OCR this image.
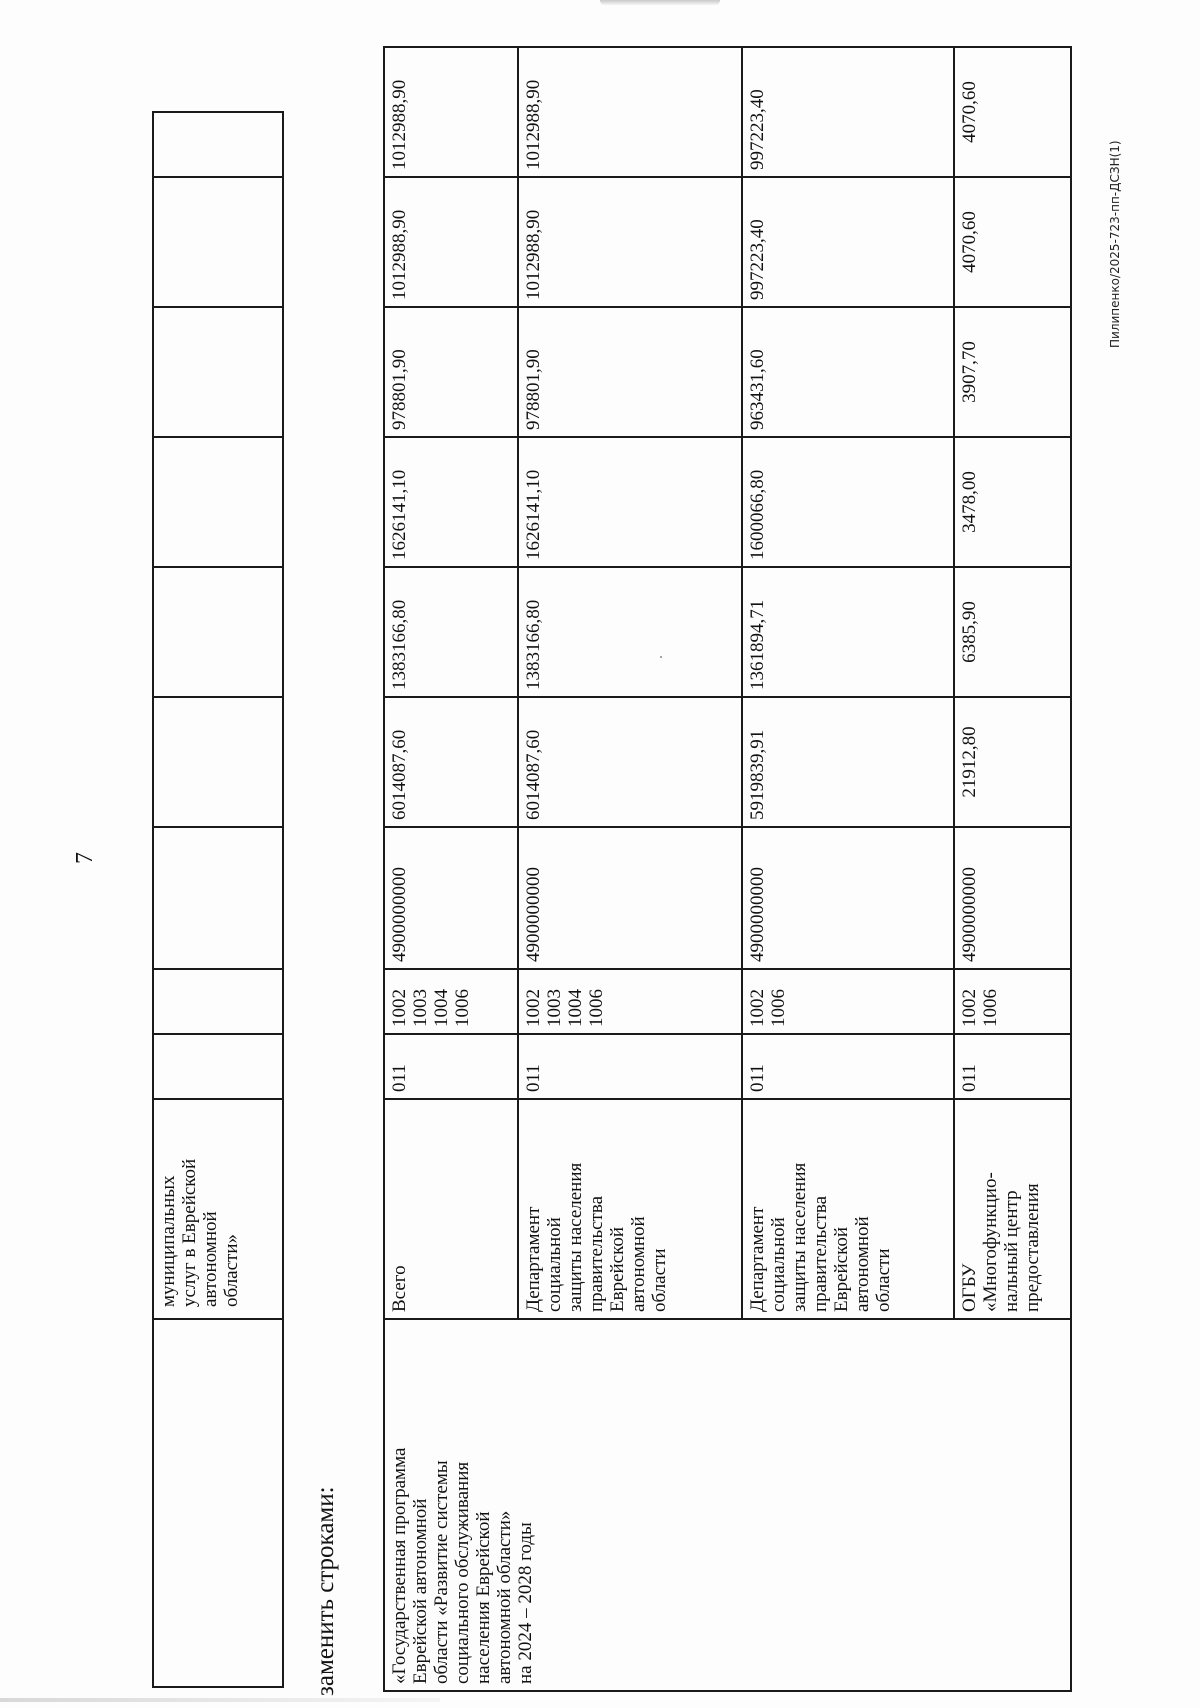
7
заменить строками:
Пилипенко/2025-723-пп-ДСЗН(1)
муниципальных
услуг в Еврейской
автономной
области»
«Государственная программа
Еврейской автономной
области «Развитие системы
социального обслуживания
населения Еврейской
автономной области»
на 2024 – 2028 годы
Всего
011
1002
1003
1004
1006
4900000000
6014087,60
1383166,80
1626141,10
978801,90
1012988,90
1012988,90
Департамент
социальной
защиты населения
правительства
Еврейской
автономной
области
011
1002
1003
1004
1006
4900000000
6014087,60
1383166,80
1626141,10
978801,90
1012988,90
1012988,90
Департамент
социальной
защиты населения
правительства
Еврейской
автономной
области
011
1002
1006
4900000000
5919839,91
1361894,71
1600066,80
963431,60
997223,40
997223,40
ОГБУ
«Многофункцио-
нальный центр
предоставления
011
1002
1006
4900000000
21912,80
6385,90
3478,00
3907,70
4070,60
4070,60
